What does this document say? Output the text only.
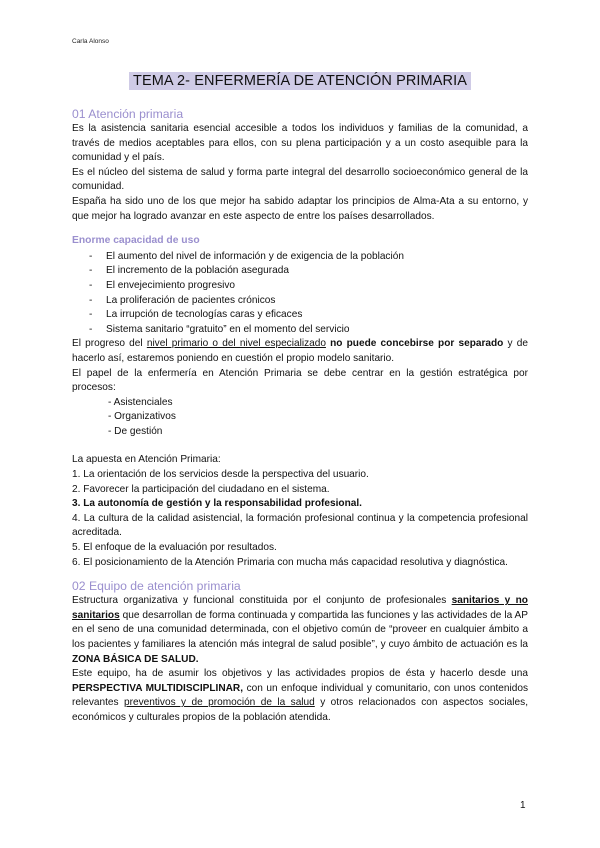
Carla Alonso
TEMA 2- ENFERMERÍA DE ATENCIÓN PRIMARIA
01 Atención primaria

Es la asistencia sanitaria esencial accesible a todos los individuos y familias de la comunidad, a través de medios aceptables para ellos, con su plena participación y a un costo asequible para la comunidad y el país.

Es el núcleo del sistema de salud y forma parte integral del desarrollo socioeconómico general de la comunidad.

España ha sido uno de los que mejor ha sabido adaptar los principios de Alma-Ata a su entorno, y que mejor ha logrado avanzar en este aspecto de entre los países desarrollados.

Enorme capacidad de uso
- El aumento del nivel de información y de exigencia de la población
- El incremento de la población asegurada
- El envejecimiento progresivo
- La proliferación de pacientes crónicos
- La irrupción de tecnologías caras y eficaces
- Sistema sanitario “gratuito” en el momento del servicio

El progreso del nivel primario o del nivel especializado no puede concebirse por separado y de hacerlo así, estaremos poniendo en cuestión el propio modelo sanitario.

El papel de la enfermería en Atención Primaria se debe centrar en la gestión estratégica por procesos:

- Asistenciales
- Organizativos
- De gestión

La apuesta en Atención Primaria:

1. La orientación de los servicios desde la perspectiva del usuario.

2. Favorecer la participación del ciudadano en el sistema.

3. La autonomía de gestión y la responsabilidad profesional.

4. La cultura de la calidad asistencial, la formación profesional continua y la competencia profesional acreditada.

5. El enfoque de la evaluación por resultados.

6. El posicionamiento de la Atención Primaria con mucha más capacidad resolutiva y diagnóstica.

02 Equipo de atención primaria

Estructura organizativa y funcional constituida por el conjunto de profesionales sanitarios y no sanitarios que desarrollan de forma continuada y compartida las funciones y las actividades de la AP en el seno de una comunidad determinada, con el objetivo común de “proveer en cualquier ámbito a los pacientes y familiares la atención más integral de salud posible”, y cuyo ámbito de actuación es la ZONA BÁSICA DE SALUD.

Este equipo, ha de asumir los objetivos y las actividades propios de ésta y hacerlo desde una PERSPECTIVA MULTIDISCIPLINAR, con un enfoque individual y comunitario, con unos contenidos relevantes preventivos y de promoción de la salud y otros relacionados con aspectos sociales, económicos y culturales propios de la población atendida.

1
